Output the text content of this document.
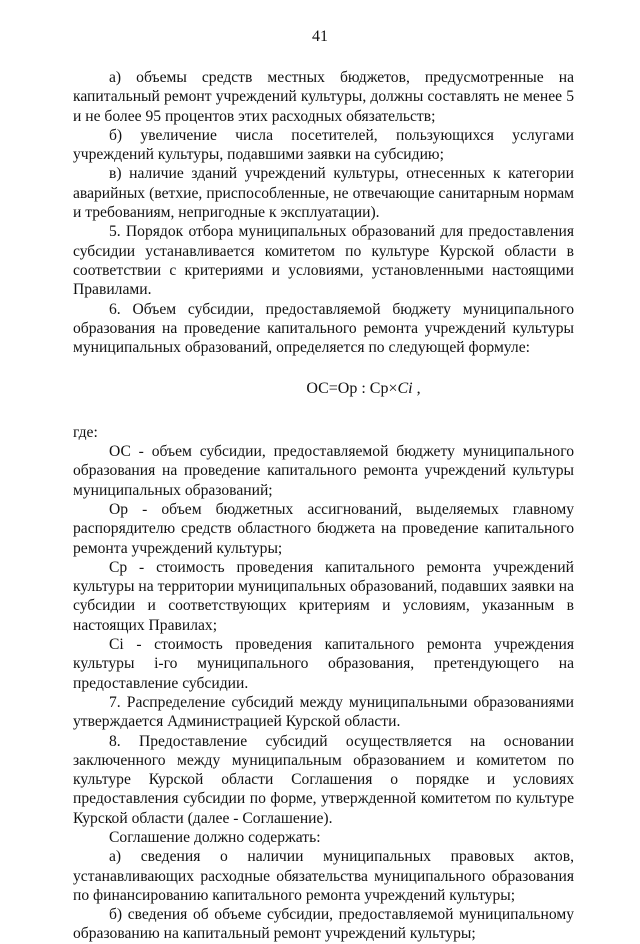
41

а) объемы средств местных бюджетов, предусмотренные на капитальный ремонт учреждений культуры, должны составлять не менее 5 и не более 95 процентов этих расходных обязательств;

б) увеличение числа посетителей, пользующихся услугами учреждений культуры, подавшими заявки на субсидию;

в) наличие зданий учреждений культуры, отнесенных к категории аварийных (ветхие, приспособленные, не отвечающие санитарным нормам и требованиям, непригодные к эксплуатации).

5. Порядок отбора муниципальных образований для предоставления субсидии устанавливается комитетом по культуре Курской области в соответствии с критериями и условиями, установленными настоящими Правилами.

6. Объем субсидии, предоставляемой бюджету муниципального образования на проведение капитального ремонта учреждений культуры муниципальных образований, определяется по следующей формуле:

ОС=Ор : Ср×Ci ,

где:

ОС - объем субсидии, предоставляемой бюджету муниципального образования на проведение капитального ремонта учреждений культуры муниципальных образований;

Ор - объем бюджетных ассигнований, выделяемых главному распорядителю средств областного бюджета на проведение капитального ремонта учреждений культуры;

Ср - стоимость проведения капитального ремонта учреждений культуры на территории муниципальных образований, подавших заявки на субсидии и соответствующих критериям и условиям, указанным в настоящих Правилах;

Ci - стоимость проведения капитального ремонта учреждения культуры i-го муниципального образования, претендующего на предоставление субсидии.

7. Распределение субсидий между муниципальными образованиями утверждается Администрацией Курской области.

8. Предоставление субсидий осуществляется на основании заключенного между муниципальным образованием и комитетом по культуре Курской области Соглашения о порядке и условиях предоставления субсидии по форме, утвержденной комитетом по культуре Курской области (далее - Соглашение).

Соглашение должно содержать:

а) сведения о наличии муниципальных правовых актов, устанавливающих расходные обязательства муниципального образования по финансированию капитального ремонта учреждений культуры;

б) сведения об объеме субсидии, предоставляемой муниципальному образованию на капитальный ремонт учреждений культуры;
